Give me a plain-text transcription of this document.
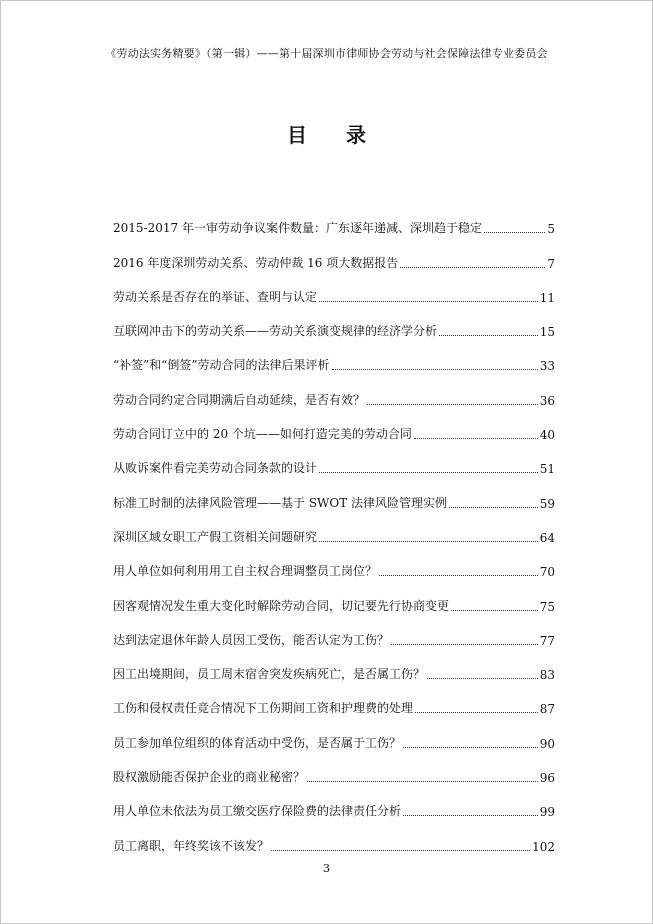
《劳动法实务精要》（第一辑）——第十届深圳市律师协会劳动与社会保障法律专业委员会
目 录
2015-2017 年一审劳动争议案件数量：广东逐年递减、深圳趋于稳定	5
2016 年度深圳劳动关系、劳动仲裁 16 项大数据报告	7
劳动关系是否存在的举证、查明与认定	11
互联网冲击下的劳动关系——劳动关系演变规律的经济学分析	15
“补签”和“倒签”劳动合同的法律后果评析	33
劳动合同约定合同期满后自动延续，是否有效？	36
劳动合同订立中的 20 个坑——如何打造完美的劳动合同	40
从败诉案件看完美劳动合同条款的设计	51
标准工时制的法律风险管理——基于 SWOT 法律风险管理实例	59
深圳区域女职工产假工资相关问题研究	64
用人单位如何利用用工自主权合理调整员工岗位？	70
因客观情况发生重大变化时解除劳动合同，切记要先行协商变更	75
达到法定退休年龄人员因工受伤，能否认定为工伤？	77
因工出境期间，员工周末宿舍突发疾病死亡，是否属工伤？	83
工伤和侵权责任竞合情况下工伤期间工资和护理费的处理	87
员工参加单位组织的体育活动中受伤，是否属于工伤？	90
股权激励能否保护企业的商业秘密？	96
用人单位未依法为员工缴交医疗保险费的法律责任分析	99
员工离职，年终奖该不该发？	102
3
